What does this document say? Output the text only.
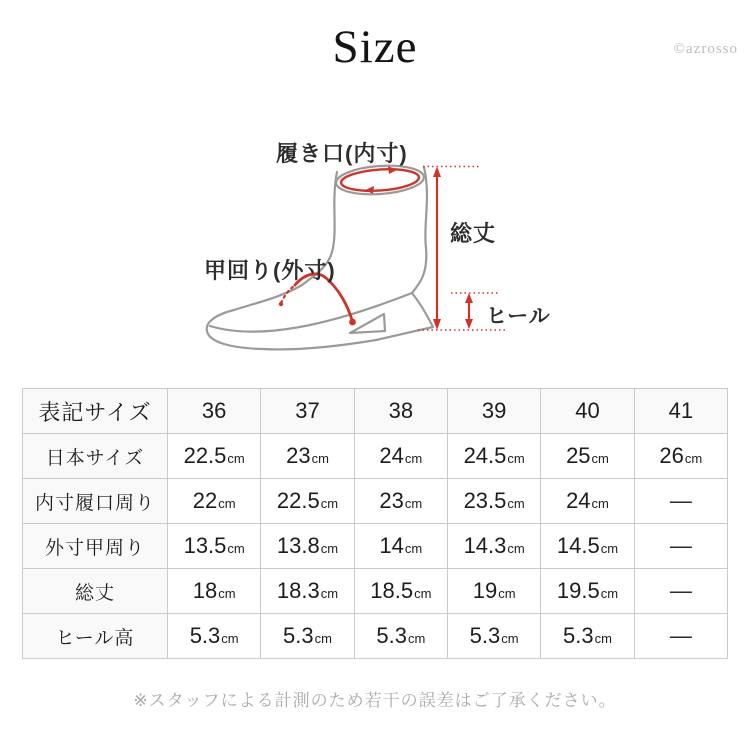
Size	©azrosso
履き口(内寸)
甲回り(外寸)
総丈
ヒール
表記サイズ	36	37	38	39	40	41
日本サイズ	22.5cm	23cm	24cm	24.5cm	25cm	26cm
内寸履口周り	22cm	22.5cm	23cm	23.5cm	24cm	—
外寸甲周り	13.5cm	13.8cm	14cm	14.3cm	14.5cm	—
総丈	18cm	18.3cm	18.5cm	19cm	19.5cm	—
ヒール高	5.3cm	5.3cm	5.3cm	5.3cm	5.3cm	—
※スタッフによる計測のため若干の誤差はご了承ください。
